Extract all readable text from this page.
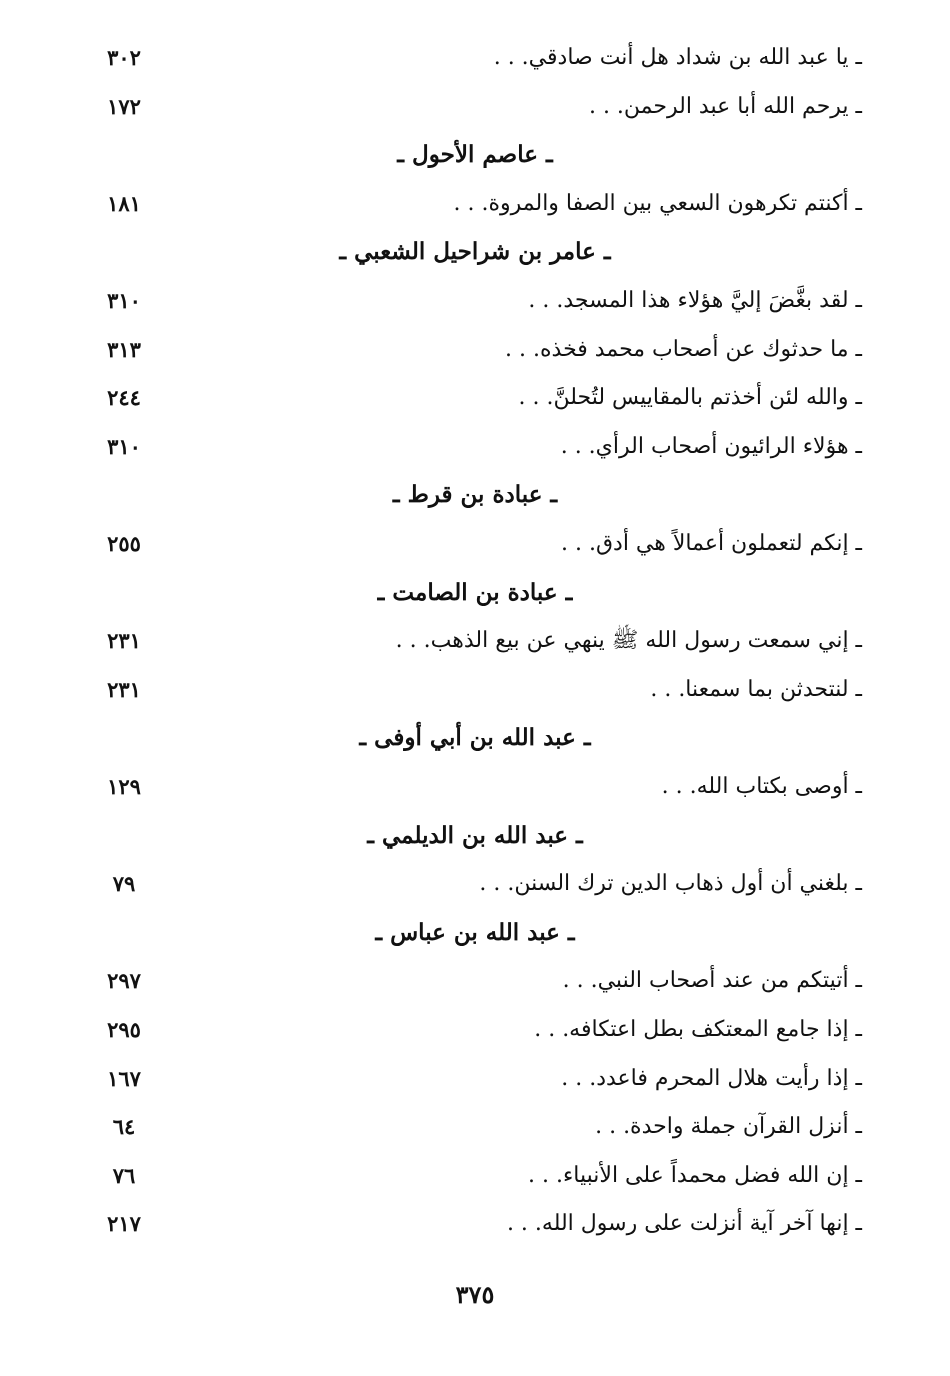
ـ يا عبد الله بن شداد هل أنت صادقي. . .
٣٠٢
ـ يرحم الله أبا عبد الرحمن. . .
١٧٢
ـ عاصم الأحول ـ
ـ أكنتم تكرهون السعي بين الصفا والمروة. . .
١٨١
ـ عامر بن شراحيل الشعبي ـ
ـ لقد بغَّضَ إليَّ هؤلاء هذا المسجد. . .
٣١٠
ـ ما حدثوك عن أصحاب محمد فخذه. . .
٣١٣
ـ والله لئن أخذتم بالمقاييس لتُحلنَّ. . .
٢٤٤
ـ هؤلاء الرائيون أصحاب الرأي. . .
٣١٠
ـ عبادة بن قرط ـ
ـ إنكم لتعملون أعمالاً هي أدق. . .
٢٥٥
ـ عبادة بن الصامت ـ
ـ إني سمعت رسول الله ﷺ ينهي عن بيع الذهب. . .
٢٣١
ـ لنتحدثن بما سمعنا. . .
٢٣١
ـ عبد الله بن أبي أوفى ـ
ـ أوصى بكتاب الله. . .
١٢٩
ـ عبد الله بن الديلمي ـ
ـ بلغني أن أول ذهاب الدين ترك السنن. . .
٧٩
ـ عبد الله بن عباس ـ
ـ أتيتكم من عند أصحاب النبي. . .
٢٩٧
ـ إذا جامع المعتكف بطل اعتكافه. . .
٢٩٥
ـ إذا رأيت هلال المحرم فاعدد. . .
١٦٧
ـ أنزل القرآن جملة واحدة. . .
٦٤
ـ إن الله فضل محمداً على الأنبياء. . .
٧٦
ـ إنها آخر آية أنزلت على رسول الله. . .
٢١٧
٣٧٥
